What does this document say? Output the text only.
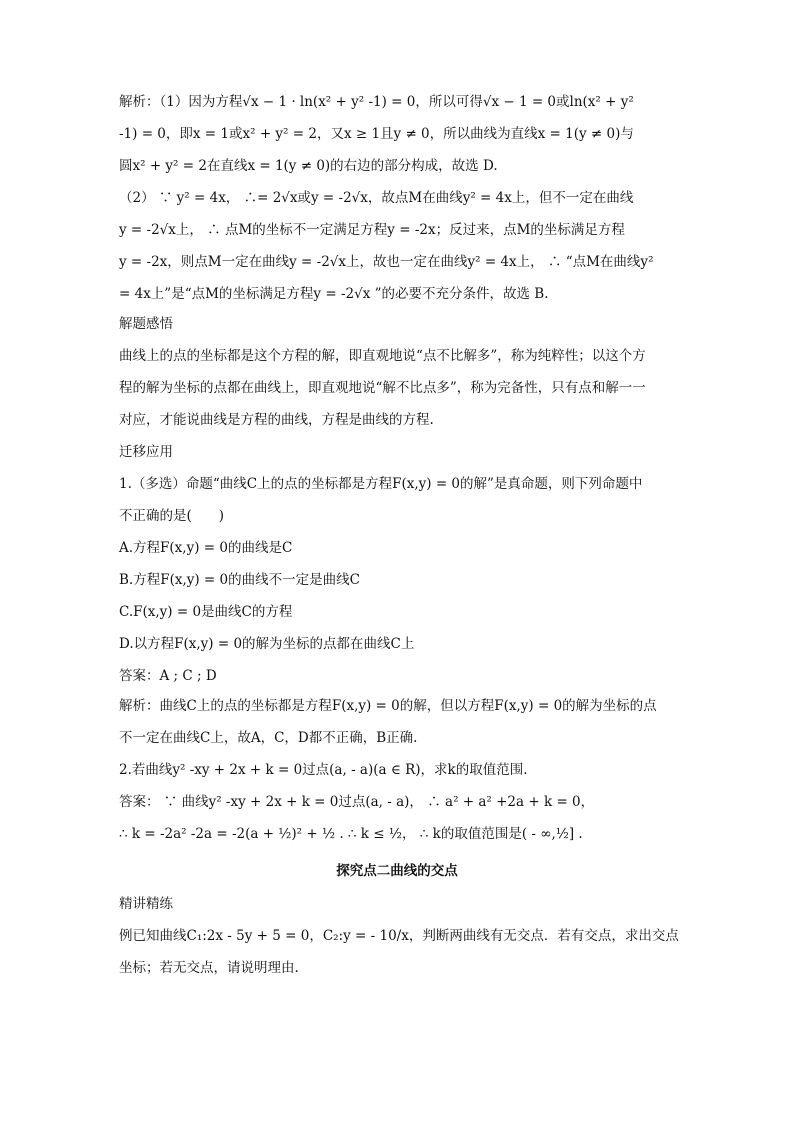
探究点二曲线的交点
解析：（1）因为方程√x − 1 · ln(x² + y² -1) = 0，所以可得√x − 1 = 0或ln(x² + y²
-1) = 0，即x = 1或x² + y² = 2，又x ≥ 1且y ≠ 0，所以曲线为直线x = 1(y ≠ 0)与
圆x² + y² = 2在直线x = 1(y ≠ 0)的右边的部分构成，故选 D.
（2） ∵ y² = 4x， ∴= 2√x或y = -2√x，故点M在曲线y² = 4x上，但不一定在曲线
y = -2√x上， ∴ 点M的坐标不一定满足方程y = -2x；反过来，点M的坐标满足方程
y = -2x，则点M一定在曲线y = -2√x上，故也一定在曲线y² = 4x上， ∴ “点M在曲线y²
= 4x上”是“点M的坐标满足方程y = -2√x ”的必要不充分条件，故选 B.
解题感悟
曲线上的点的坐标都是这个方程的解，即直观地说“点不比解多”，称为纯粹性；以这个方
程的解为坐标的点都在曲线上，即直观地说“解不比点多”，称为完备性，只有点和解一一
对应，才能说曲线是方程的曲线，方程是曲线的方程.
迁移应用
1.（多选）命题“曲线C上的点的坐标都是方程F(x,y) = 0的解”是真命题，则下列命题中
不正确的是(　　)
A.方程F(x,y) = 0的曲线是C
B.方程F(x,y) = 0的曲线不一定是曲线C
C.F(x,y) = 0是曲线C的方程
D.以方程F(x,y) = 0的解为坐标的点都在曲线C上
答案：A ; C ; D
解析：曲线C上的点的坐标都是方程F(x,y) = 0的解，但以方程F(x,y) = 0的解为坐标的点
不一定在曲线C上，故A，C，D都不正确，B正确.
2.若曲线y² -xy + 2x + k = 0过点(a, - a)(a ∈ R)，求k的取值范围.
答案： ∵ 曲线y² -xy + 2x + k = 0过点(a, - a)， ∴ a² + a² +2a + k = 0，
∴ k = -2a² -2a = -2(a + ½)² + ½ . ∴ k ≤ ½， ∴ k的取值范围是( - ∞,½] .
精讲精练
例已知曲线C₁:2x - 5y + 5 = 0，C₂:y = - 10/x，判断两曲线有无交点．若有交点，求出交点
坐标；若无交点，请说明理由.
